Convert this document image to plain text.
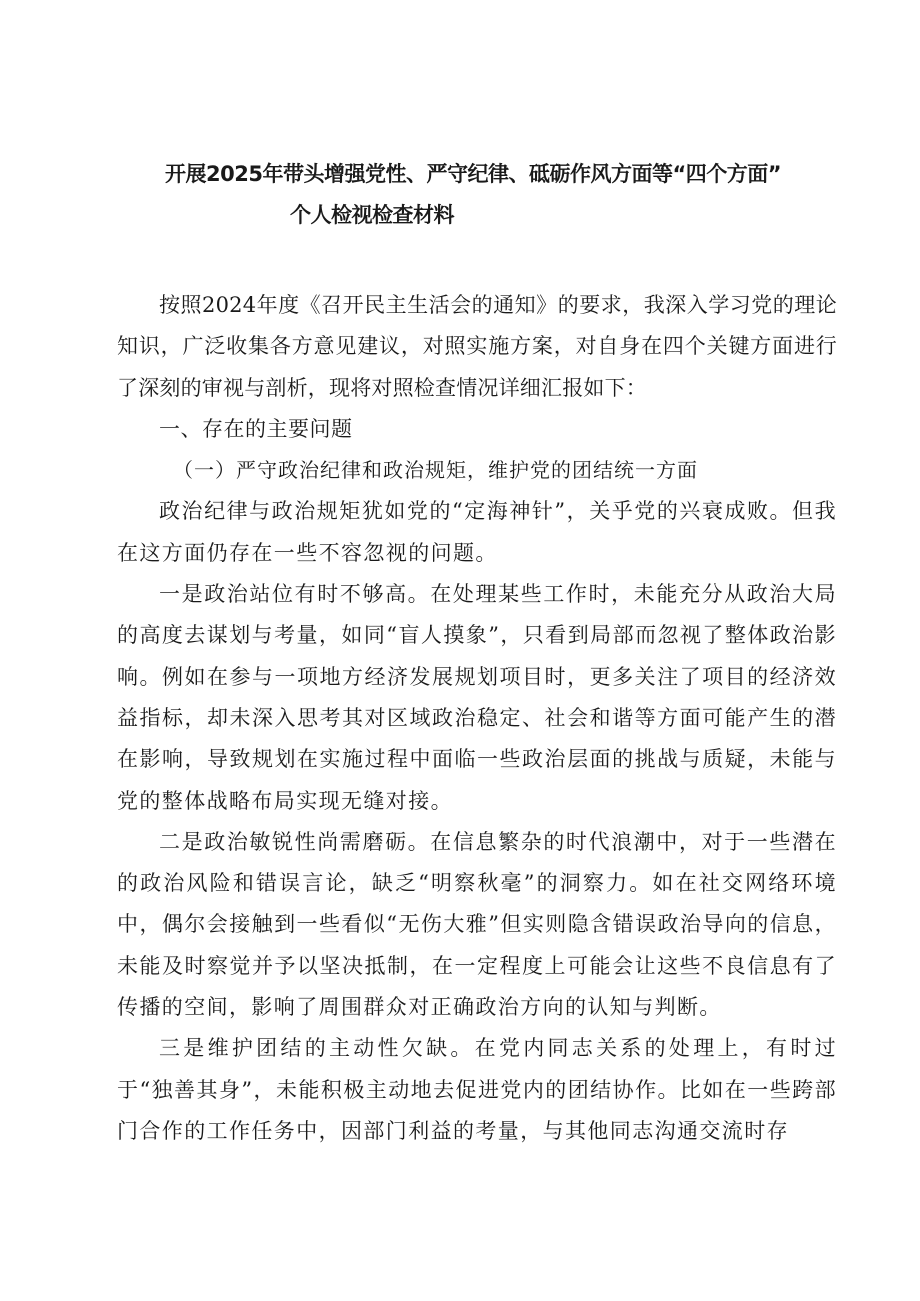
开展2025年带头增强党性、严守纪律、砥砺作风方面等“四个方面”
个人检视检查材料

按照2024年度《召开民主生活会的通知》的要求，我深入学习党的理论知识，广泛收集各方意见建议，对照实施方案，对自身在四个关键方面进行了深刻的审视与剖析，现将对照检查情况详细汇报如下：

一、存在的主要问题

（一）严守政治纪律和政治规矩，维护党的团结统一方面

政治纪律与政治规矩犹如党的“定海神针”，关乎党的兴衰成败。但我在这方面仍存在一些不容忽视的问题。

一是政治站位有时不够高。在处理某些工作时，未能充分从政治大局的高度去谋划与考量，如同“盲人摸象”，只看到局部而忽视了整体政治影响。例如在参与一项地方经济发展规划项目时，更多关注了项目的经济效益指标，却未深入思考其对区域政治稳定、社会和谐等方面可能产生的潜在影响，导致规划在实施过程中面临一些政治层面的挑战与质疑，未能与党的整体战略布局实现无缝对接。

二是政治敏锐性尚需磨砺。在信息繁杂的时代浪潮中，对于一些潜在的政治风险和错误言论，缺乏“明察秋毫”的洞察力。如在社交网络环境中，偶尔会接触到一些看似“无伤大雅”但实则隐含错误政治导向的信息，未能及时察觉并予以坚决抵制，在一定程度上可能会让这些不良信息有了传播的空间，影响了周围群众对正确政治方向的认知与判断。

三是维护团结的主动性欠缺。在党内同志关系的处理上，有时过于“独善其身”，未能积极主动地去促进党内的团结协作。比如在一些跨部门合作的工作任务中，因部门利益的考量，与其他同志沟通交流时存
